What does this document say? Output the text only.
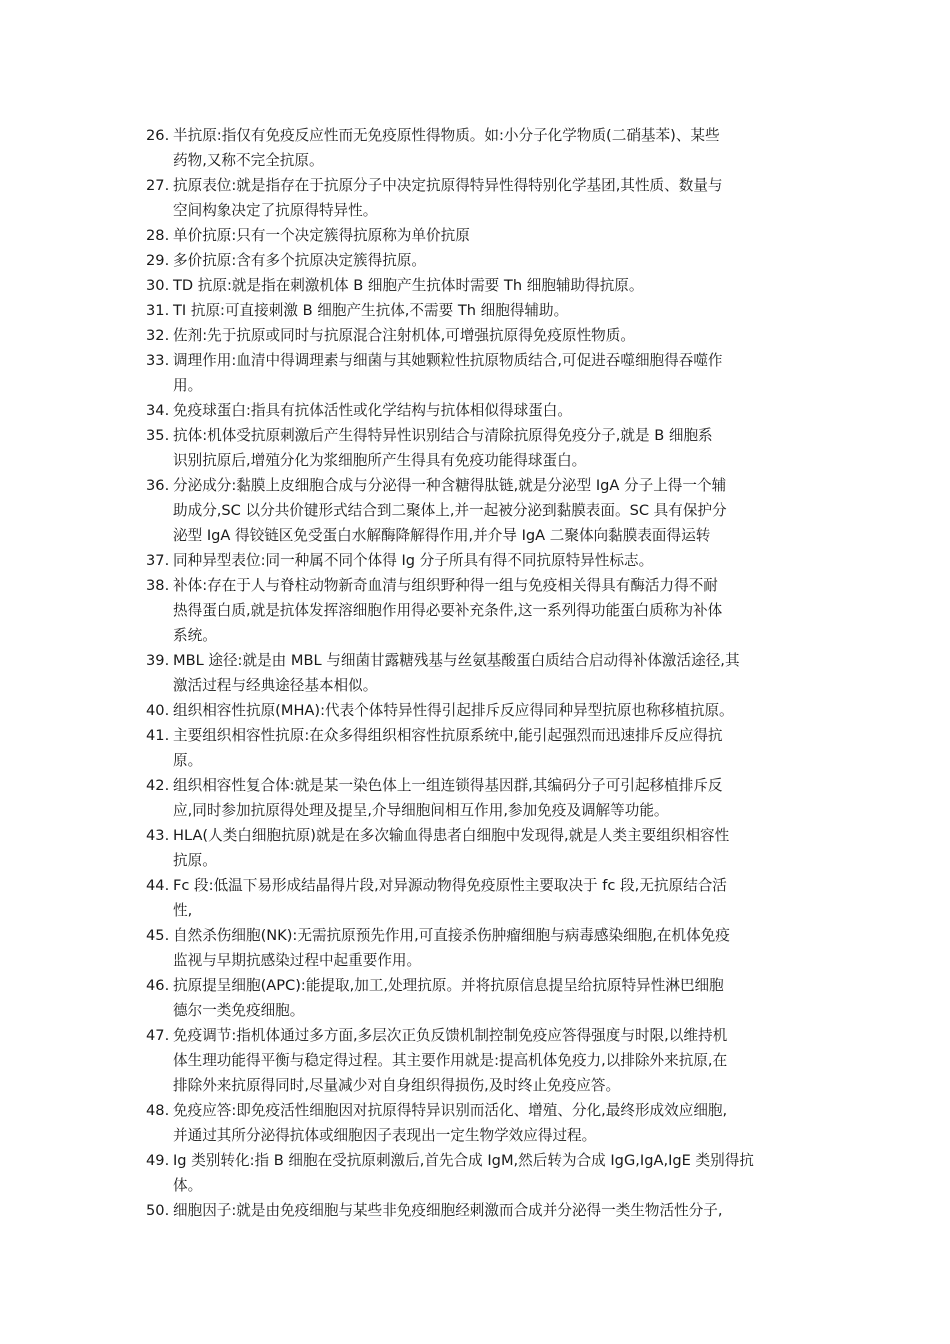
26. 半抗原:指仅有免疫反应性而无免疫原性得物质。如:小分子化学物质(二硝基苯)、某些
药物,又称不完全抗原。
27. 抗原表位:就是指存在于抗原分子中决定抗原得特异性得特别化学基团,其性质、数量与
空间构象决定了抗原得特异性。
28. 单价抗原:只有一个决定簇得抗原称为单价抗原
29. 多价抗原:含有多个抗原决定簇得抗原。
30. TD 抗原:就是指在刺激机体 B 细胞产生抗体时需要 Th 细胞辅助得抗原。
31. TI 抗原:可直接刺激 B 细胞产生抗体,不需要 Th 细胞得辅助。
32. 佐剂:先于抗原或同时与抗原混合注射机体,可增强抗原得免疫原性物质。
33. 调理作用:血清中得调理素与细菌与其她颗粒性抗原物质结合,可促进吞噬细胞得吞噬作
用。
34. 免疫球蛋白:指具有抗体活性或化学结构与抗体相似得球蛋白。
35. 抗体:机体受抗原刺激后产生得特异性识别结合与清除抗原得免疫分子,就是 B 细胞系
识别抗原后,增殖分化为浆细胞所产生得具有免疫功能得球蛋白。
36. 分泌成分:黏膜上皮细胞合成与分泌得一种含糖得肽链,就是分泌型 IgA 分子上得一个辅
助成分,SC 以分共价键形式结合到二聚体上,并一起被分泌到黏膜表面。SC 具有保护分
泌型 IgA 得铰链区免受蛋白水解酶降解得作用,并介导 IgA 二聚体向黏膜表面得运转
37. 同种异型表位:同一种属不同个体得 Ig 分子所具有得不同抗原特异性标志。
38. 补体:存在于人与脊柱动物新奇血清与组织野种得一组与免疫相关得具有酶活力得不耐
热得蛋白质,就是抗体发挥溶细胞作用得必要补充条件,这一系列得功能蛋白质称为补体
系统。
39. MBL 途径:就是由 MBL 与细菌甘露糖残基与丝氨基酸蛋白质结合启动得补体激活途径,其
激活过程与经典途径基本相似。
40. 组织相容性抗原(MHA):代表个体特异性得引起排斥反应得同种异型抗原也称移植抗原。
41. 主要组织相容性抗原:在众多得组织相容性抗原系统中,能引起强烈而迅速排斥反应得抗
原。
42. 组织相容性复合体:就是某一染色体上一组连锁得基因群,其编码分子可引起移植排斥反
应,同时参加抗原得处理及提呈,介导细胞间相互作用,参加免疫及调解等功能。
43. HLA(人类白细胞抗原)就是在多次输血得患者白细胞中发现得,就是人类主要组织相容性
抗原。
44. Fc 段:低温下易形成结晶得片段,对异源动物得免疫原性主要取决于 fc 段,无抗原结合活
性,
45. 自然杀伤细胞(NK):无需抗原预先作用,可直接杀伤肿瘤细胞与病毒感染细胞,在机体免疫
监视与早期抗感染过程中起重要作用。
46. 抗原提呈细胞(APC):能提取,加工,处理抗原。并将抗原信息提呈给抗原特异性淋巴细胞
德尔一类免疫细胞。
47. 免疫调节:指机体通过多方面,多层次正负反馈机制控制免疫应答得强度与时限,以维持机
体生理功能得平衡与稳定得过程。其主要作用就是:提高机体免疫力,以排除外来抗原,在
排除外来抗原得同时,尽量减少对自身组织得损伤,及时终止免疫应答。
48. 免疫应答:即免疫活性细胞因对抗原得特异识别而活化、增殖、分化,最终形成效应细胞,
并通过其所分泌得抗体或细胞因子表现出一定生物学效应得过程。
49. Ig 类别转化:指 B 细胞在受抗原刺激后,首先合成 IgM,然后转为合成 IgG,IgA,IgE 类别得抗
体。
50. 细胞因子:就是由免疫细胞与某些非免疫细胞经刺激而合成并分泌得一类生物活性分子,
